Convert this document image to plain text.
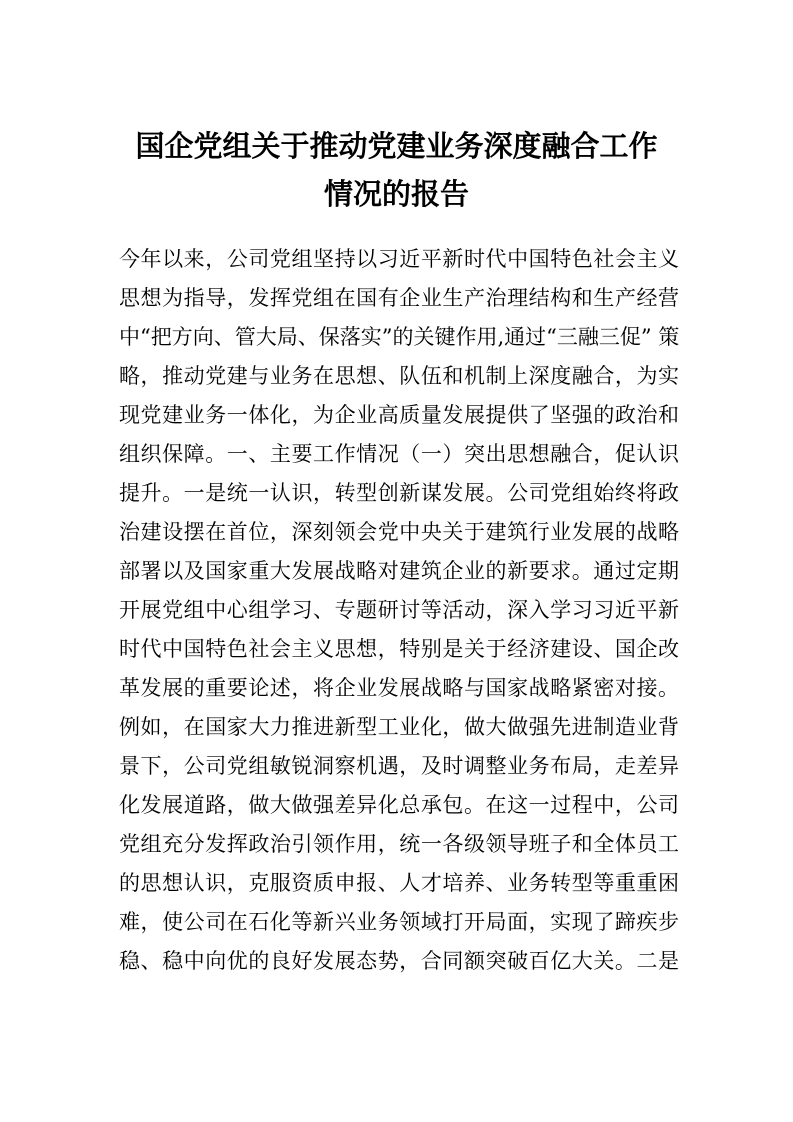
国企党组关于推动党建业务深度融合工作
情况的报告
今年以来，公司党组坚持以习近平新时代中国特色社会主义
思想为指导，发挥党组在国有企业生产治理结构和生产经营
中“把方向、管大局、保落实”的关键作用,通过“三融三促” 策
略，推动党建与业务在思想、队伍和机制上深度融合，为实
现党建业务一体化，为企业高质量发展提供了坚强的政治和
组织保障。一、主要工作情况（一）突出思想融合，促认识
提升。一是统一认识，转型创新谋发展。公司党组始终将政
治建设摆在首位，深刻领会党中央关于建筑行业发展的战略
部署以及国家重大发展战略对建筑企业的新要求。通过定期
开展党组中心组学习、专题研讨等活动，深入学习习近平新
时代中国特色社会主义思想，特别是关于经济建设、国企改
革发展的重要论述，将企业发展战略与国家战略紧密对接。
例如，在国家大力推进新型工业化，做大做强先进制造业背
景下，公司党组敏锐洞察机遇，及时调整业务布局，走差异
化发展道路，做大做强差异化总承包。在这一过程中，公司
党组充分发挥政治引领作用，统一各级领导班子和全体员工
的思想认识，克服资质申报、人才培养、业务转型等重重困
难，使公司在石化等新兴业务领域打开局面，实现了蹄疾步
稳、稳中向优的良好发展态势，合同额突破百亿大关。二是
